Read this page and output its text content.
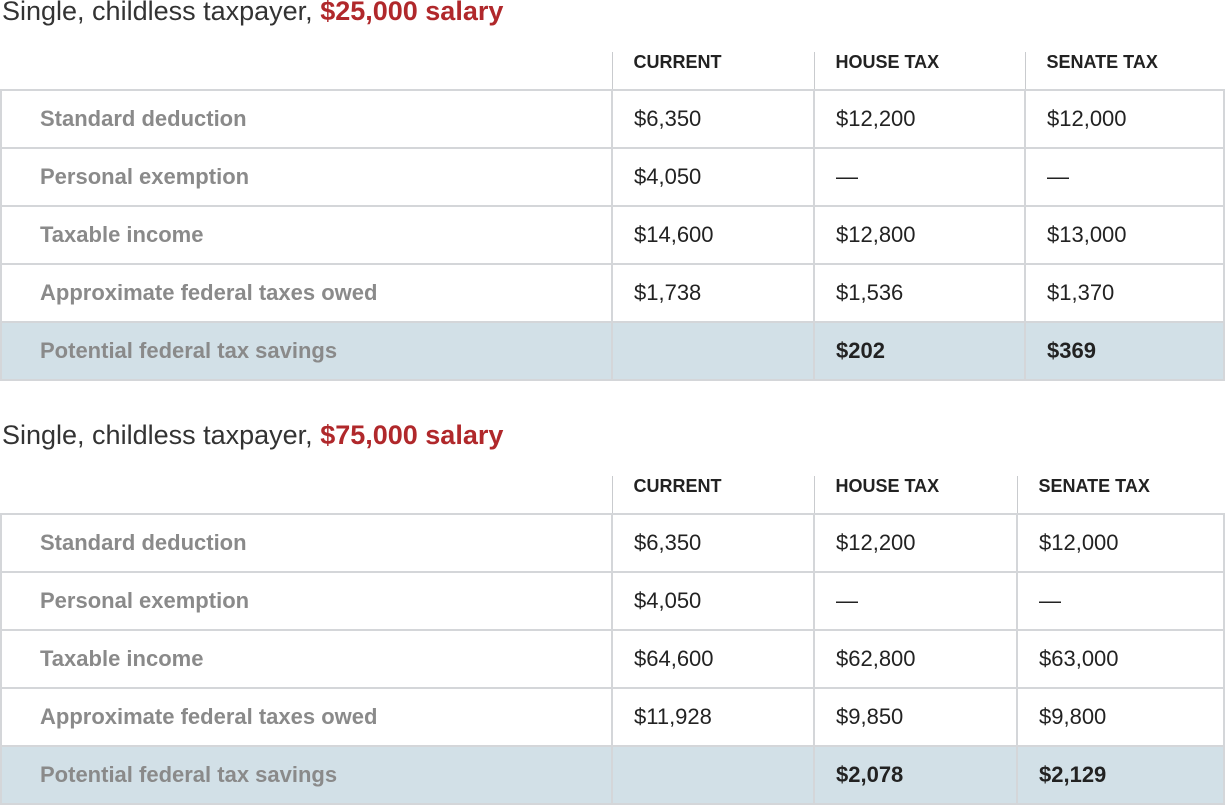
Single, childless taxpayer, $25,000 salary
	CURRENT	HOUSE TAX	SENATE TAX
Standard deduction	$6,350	$12,200	$12,000
Personal exemption	$4,050	—	—
Taxable income	$14,600	$12,800	$13,000
Approximate federal taxes owed	$1,738	$1,536	$1,370
Potential federal tax savings		$202	$369
Single, childless taxpayer, $75,000 salary
	CURRENT	HOUSE TAX	SENATE TAX
Standard deduction	$6,350	$12,200	$12,000
Personal exemption	$4,050	—	—
Taxable income	$64,600	$62,800	$63,000
Approximate federal taxes owed	$11,928	$9,850	$9,800
Potential federal tax savings		$2,078	$2,129
